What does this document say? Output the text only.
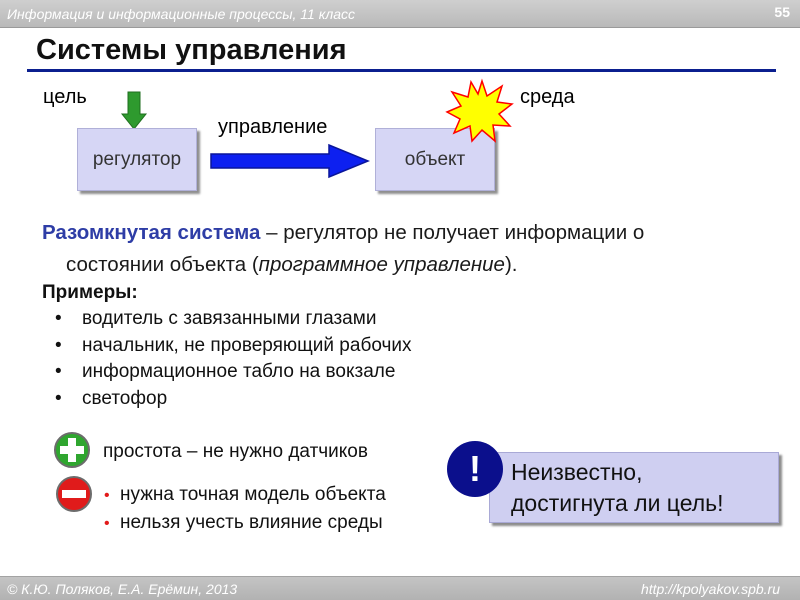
Информация и информационные процессы, 11 класс	55
Системы управления
цель
регулятор
управление
объект
среда
Разомкнутая система – регулятор не получает информации о
состоянии объекта (программное управление).
Примеры:
• водитель с завязанными глазами
• начальник, не проверяющий рабочих
• информационное табло на вокзале
• светофор
простота – не нужно датчиков
• нужна точная модель объекта
• нельзя учесть влияние среды
Неизвестно,
достигнута ли цель!
!
© К.Ю. Поляков, Е.А. Ерёмин, 2013	http://kpolyakov.spb.ru
